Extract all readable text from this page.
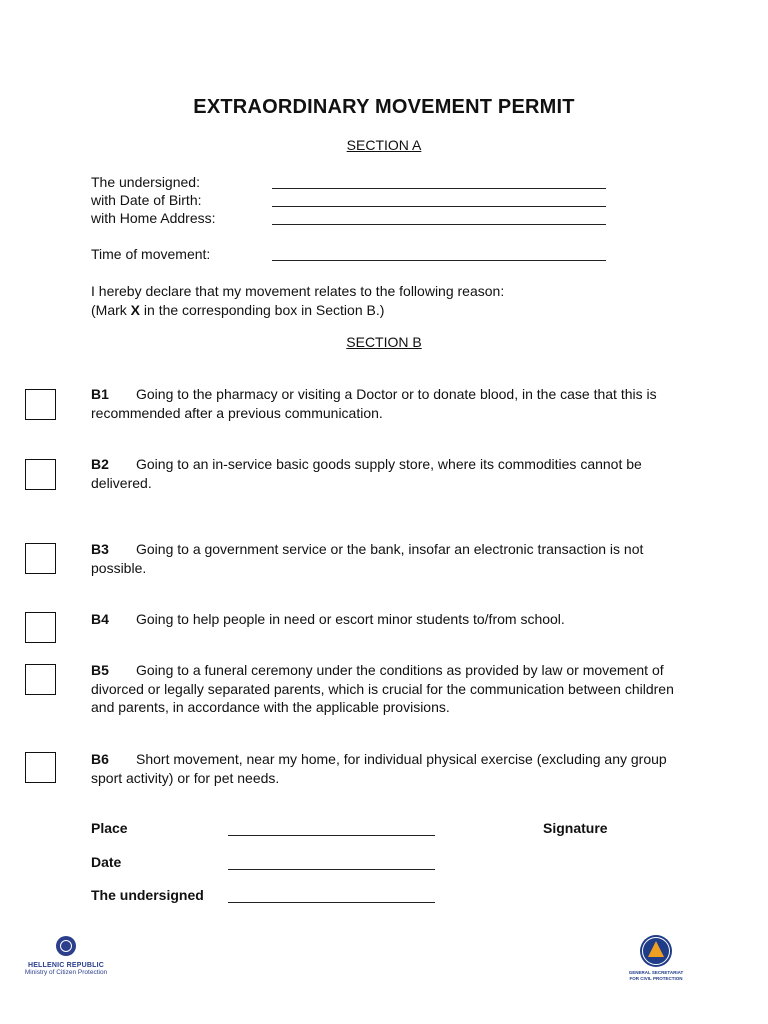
EXTRAORDINARY MOVEMENT PERMIT
SECTION A
The undersigned:
with Date of Birth:
with Home Address:
Time of movement:
I hereby declare that my movement relates to the following reason:
(Mark X in the corresponding box in Section B.)
SECTION B
B1 Going to the pharmacy or visiting a Doctor or to donate blood, in the case that this is recommended after a previous communication.
B2 Going to an in-service basic goods supply store, where its commodities cannot be delivered.
B3 Going to a government service or the bank, insofar an electronic transaction is not possible.
B4 Going to help people in need or escort minor students to/from school.
B5 Going to a funeral ceremony under the conditions as provided by law or movement of divorced or legally separated parents, which is crucial for the communication between children and parents, in accordance with the applicable provisions.
B6 Short movement, near my home, for individual physical exercise (excluding any group sport activity) or for pet needs.
Place	Signature
Date
The undersigned
HELLENIC REPUBLIC
Ministry of Citizen Protection	GENERAL SECRETARIAT
FOR CIVIL PROTECTION
